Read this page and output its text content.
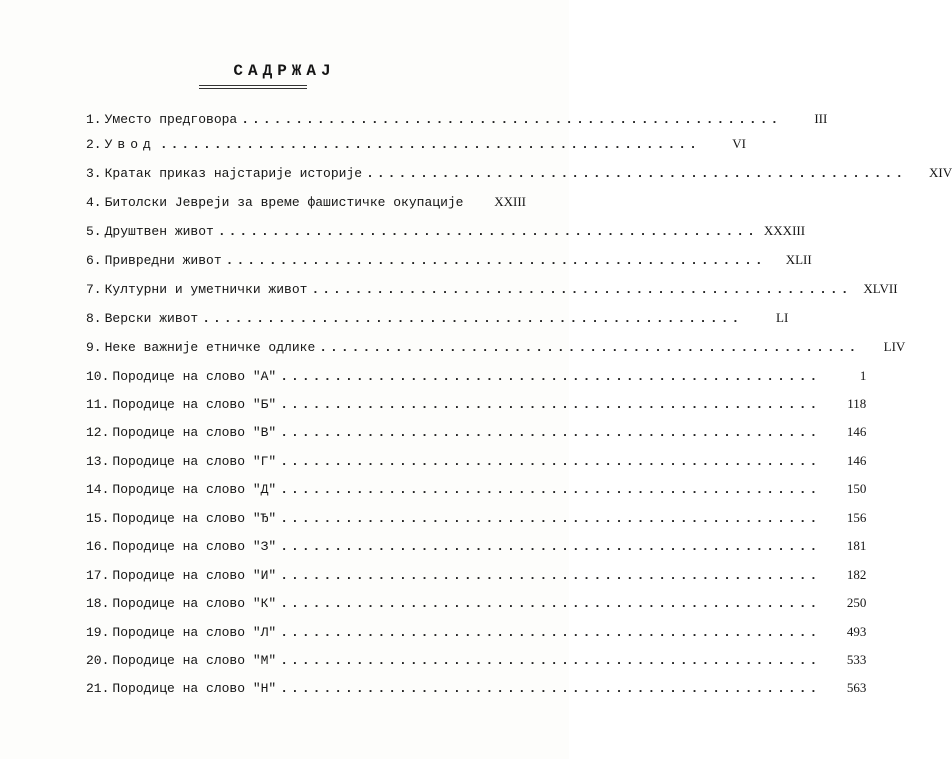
САДРЖАЈ
1. Уместо предговора ..................................................	III
2. Увод ..................................................	VI
3. Кратак приказ најстарије историје ..................................................	XIV
4. Битолски Јевреји за време фашистичке окупације	XXIII
5. Друштвен живот .................................................. XXXIII
6. Привредни живот ..................................................	XLII
7. Културни и уметнички живот .................................................. XLVII
8. Верски живот ..................................................	LI
9. Неке важније етничке одлике ..................................................	LIV
10. Породице на слово "А" ..................................................	1
11. Породице на слово "Б" ..................................................	118
12. Породице на слово "В" ..................................................	146
13. Породице на слово "Г" ..................................................	146
14. Породице на слово "Д" ..................................................	150
15. Породице на слово "Ђ" ..................................................	156
16. Породице на слово "З" ..................................................	181
17. Породице на слово "И" ..................................................	182
18. Породице на слово "К" ..................................................	250
19. Породице на слово "Л" ..................................................	493
20. Породице на слово "М" ..................................................	533
21. Породице на слово "Н" ..................................................	563
